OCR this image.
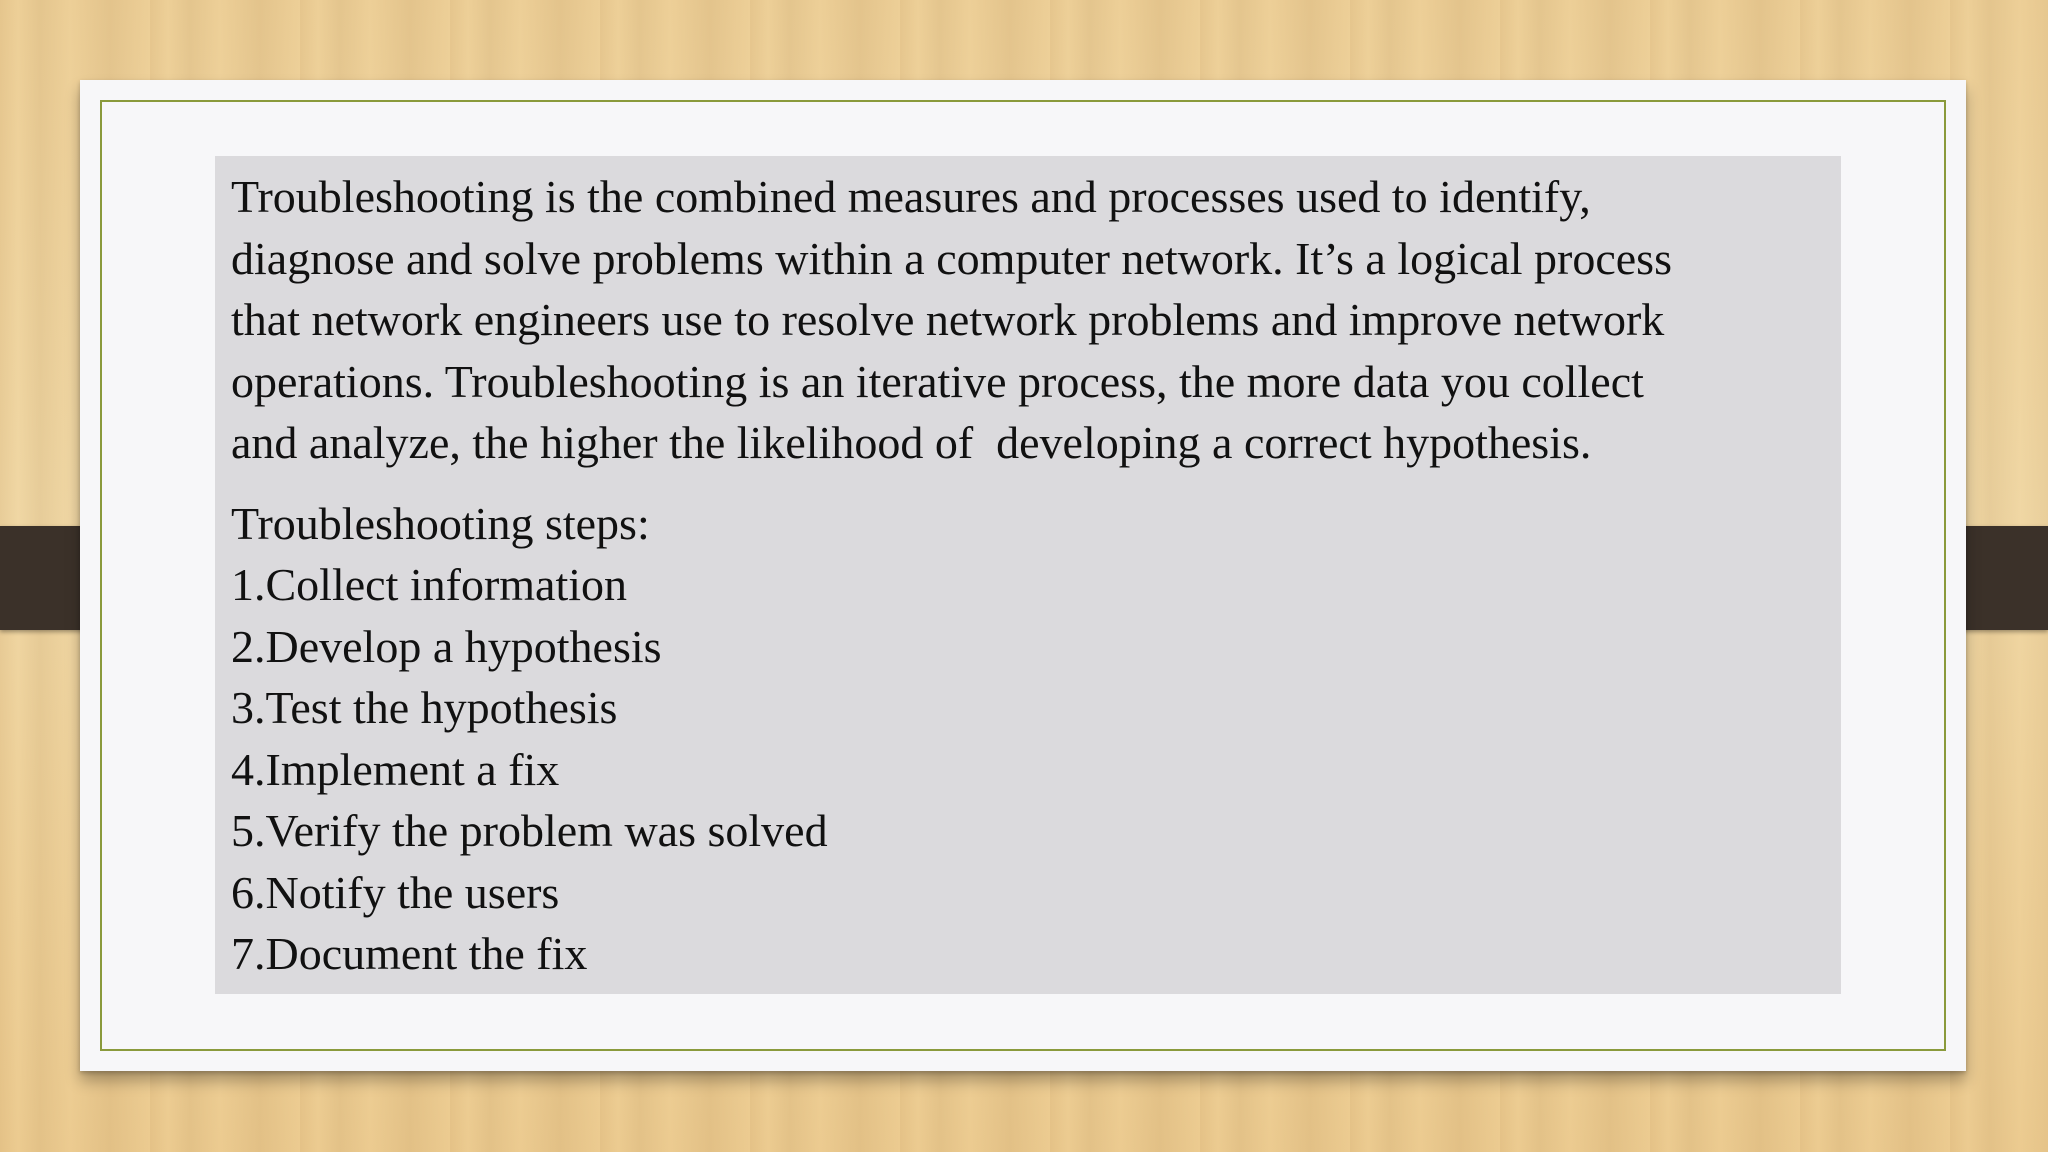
Troubleshooting is the combined measures and processes used to identify,
diagnose and solve problems within a computer network. It’s a logical process
that network engineers use to resolve network problems and improve network
operations. Troubleshooting is an iterative process, the more data you collect
and analyze, the higher the likelihood of  developing a correct hypothesis.
Troubleshooting steps:
1.Collect information
2.Develop a hypothesis
3.Test the hypothesis
4.Implement a fix
5.Verify the problem was solved
6.Notify the users
7.Document the fix
